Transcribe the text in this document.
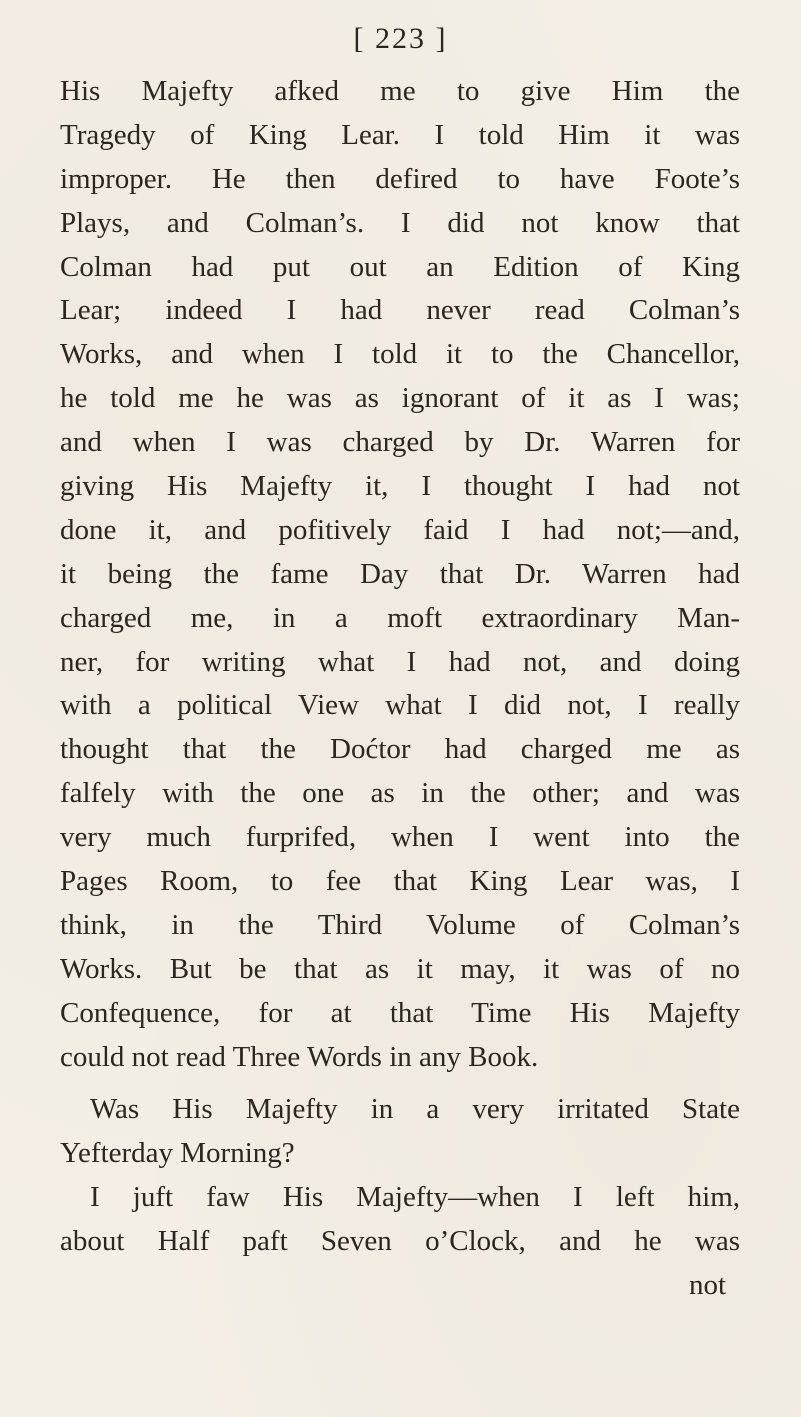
[ 223 ]
His Majefty afked me to give Him the
Tragedy of King Lear. I told Him it was
improper. He then defired to have Foote’s
Plays, and Colman’s. I did not know that
Colman had put out an Edition of King
Lear; indeed I had never read Colman’s
Works, and when I told it to the Chancellor,
he told me he was as ignorant of it as I was;
and when I was charged by Dr. Warren for
giving His Majefty it, I thought I had not
done it, and pofitively faid I had not;—and,
it being the fame Day that Dr. Warren had
charged me, in a moft extraordinary Man-
ner, for writing what I had not, and doing
with a political View what I did not, I really
thought that the Doćtor had charged me as
falfely with the one as in the other; and was
very much furprifed, when I went into the
Pages Room, to fee that King Lear was, I
think, in the Third Volume of Colman’s
Works. But be that as it may, it was of no
Confequence, for at that Time His Majefty
could not read Three Words in any Book.
Was His Majefty in a very irritated State
Yefterday Morning?
I juft faw His Majefty—when I left him,
about Half paft Seven o’Clock, and he was
not
